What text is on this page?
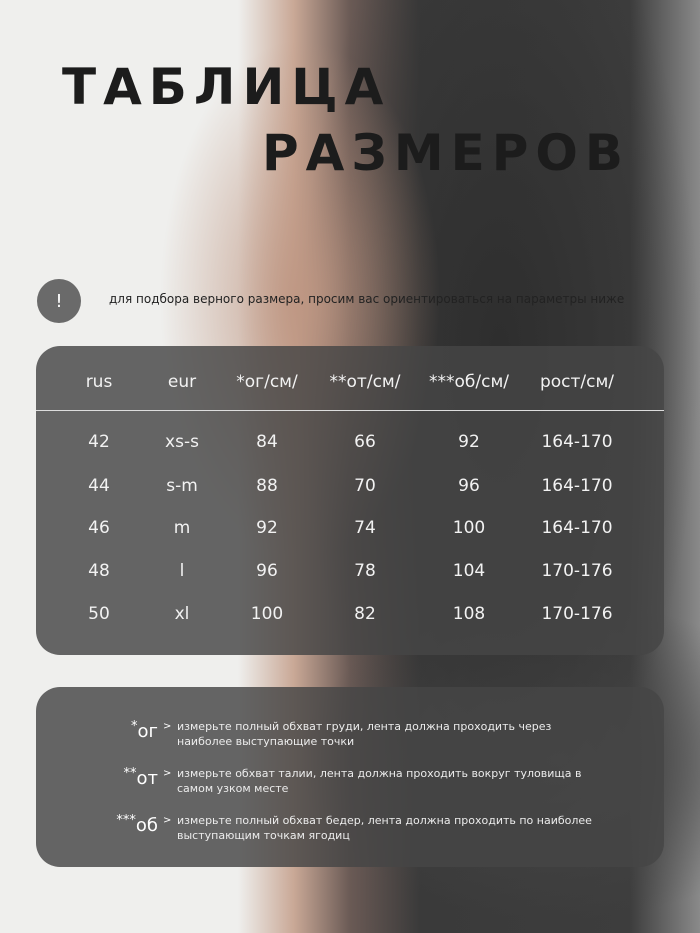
ТАБЛИЦА
РАЗМЕРОВ
!	для подбора верного размера, просим вас ориентироваться на параметры ниже
rus	eur *ог/см/ **от/см/ ***об/см/ рост/см/
42	xs-s	84	66	92	164-170
44	s-m	88	70	96	164-170
46	m	92	74	100	164-170
48	l	96	78	104	170-176
50	xl	100	82	108	170-176
*ог > измерьте полный обхват груди, лента должна проходить через наиболее выступающие точки
**от > измерьте обхват талии, лента должна проходить вокруг туловища в самом узком месте
***об > измерьте полный обхват бедер, лента должна проходить по наиболее выступающим точкам ягодиц
